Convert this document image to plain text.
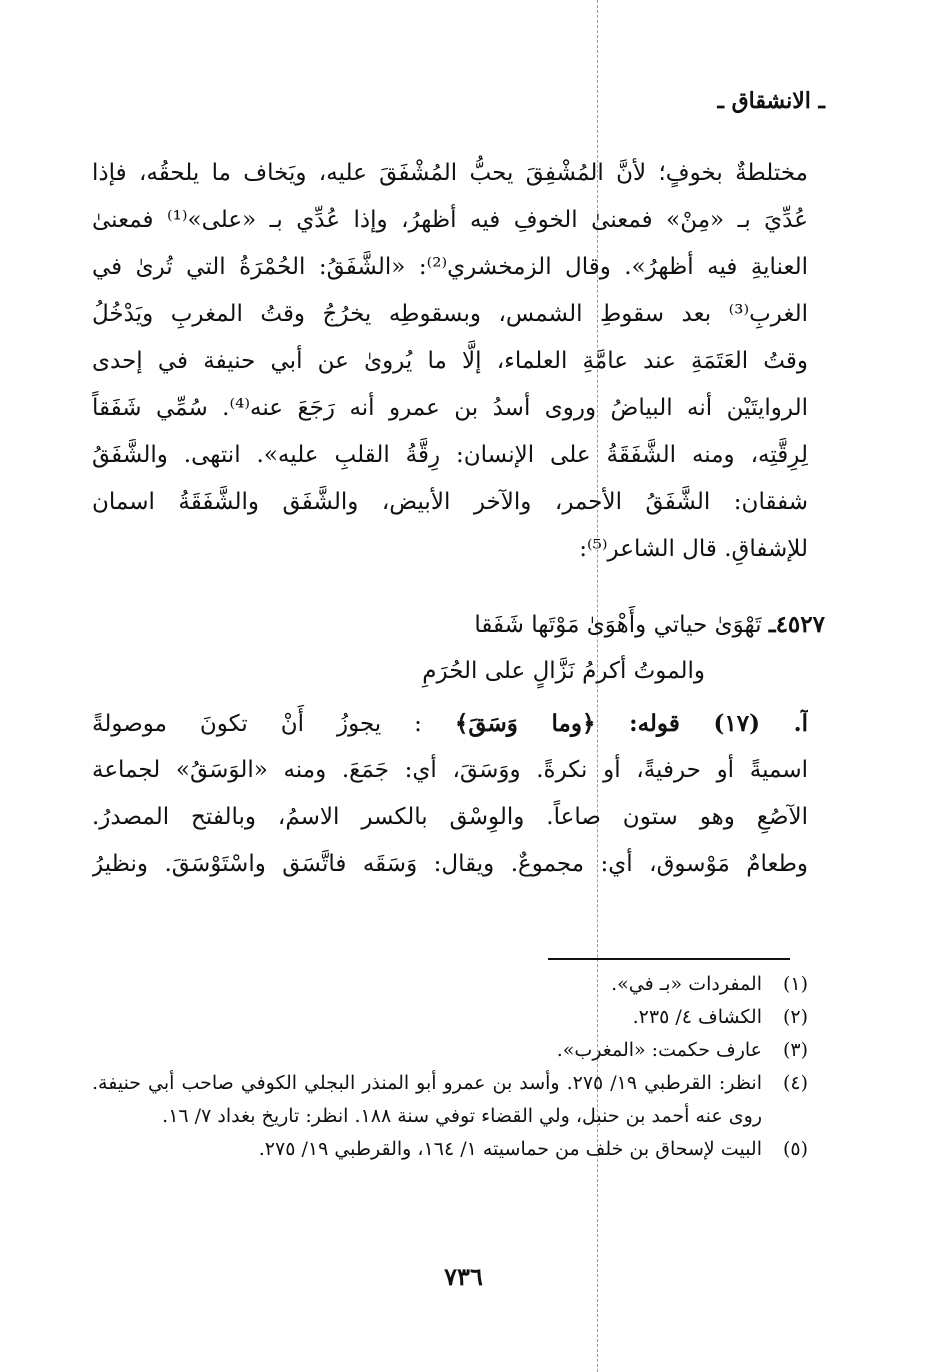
ـ الانشقاق ـ
مختلطةٌ بخوفٍ؛ لأنَّ المُشْفِقَ يحبُّ المُشْفَقَ عليه، ويَخاف ما يلحقُه، فإذا
عُدِّيَ بـ «مِنْ» فمعنىٰ الخوفِ فيه أظهرُ، وإذا عُدِّي بـ «على»⁽¹⁾ فمعنىٰ
العنايةِ فيه أظهرُ». وقال الزمخشري⁽²⁾: «الشَّفَقُ: الحُمْرَةُ التي تُرىٰ في
الغربِ⁽³⁾ بعد سقوطِ الشمس، وبسقوطِه يخرُجُ وقتُ المغربِ ويَدْخُلُ
وقتُ العَتَمَةِ عند عامَّةِ العلماء، إلَّا ما يُروىٰ عن أبي حنيفة في إحدى
الروايتَيْن أنه البياضُ وروى أسدُ بن عمرو أنه رَجَعَ عنه⁽⁴⁾. سُمِّي شَفَقاً
لِرِقَّتِه، ومنه الشَّفَقَةُ على الإنسان: رِقَّةُ القلبِ عليه». انتهى. والشَّفَقُ
شفقان: الشَّفَقُ الأحمر، والآخر الأبيض، والشَّفَق والشَّفَقَةُ اسمان
للإشفاقِ. قال الشاعر⁽⁵⁾:
٤٥٢٧ـ تَهْوَىٰ حياتي وأَهْوَىٰ مَوْتَها شَفَقا
والموتُ أكرمُ نَزَّالٍ على الحُرَمِ
آ. (١٧) قوله: ﴿وما وَسَقَ﴾ : يجوزُ أَنْ تكونَ موصولةً
اسميةً أو حرفيةً، أو نكرةً. ووَسَقَ، أي: جَمَعَ. ومنه «الوَسَقُ» لجماعة
الآصُعِ وهو ستون صاعاً. والوِسْق بالكسر الاسمُ، وبالفتح المصدرُ.
وطعامٌ مَوْسوق، أي: مجموعٌ. ويقال: وَسَقَه فاتَّسَق واسْتَوْسَقَ. ونظيرُ
(١)
المفردات «بـ في».
(٢)
الكشاف ٤/ ٢٣٥.
(٣)
عارف حكمت: «المغرب».
(٤)
انظر: القرطبي ١٩/ ٢٧٥. وأسد بن عمرو أبو المنذر البجلي الكوفي صاحب أبي حنيفة. روى عنه أحمد بن حنبل، ولي القضاء توفي سنة ١٨٨. انظر: تاريخ بغداد ٧/ ١٦.
(٥)
البيت لإسحاق بن خلف من حماسيته ١/ ١٦٤، والقرطبي ١٩/ ٢٧٥.
٧٣٦
